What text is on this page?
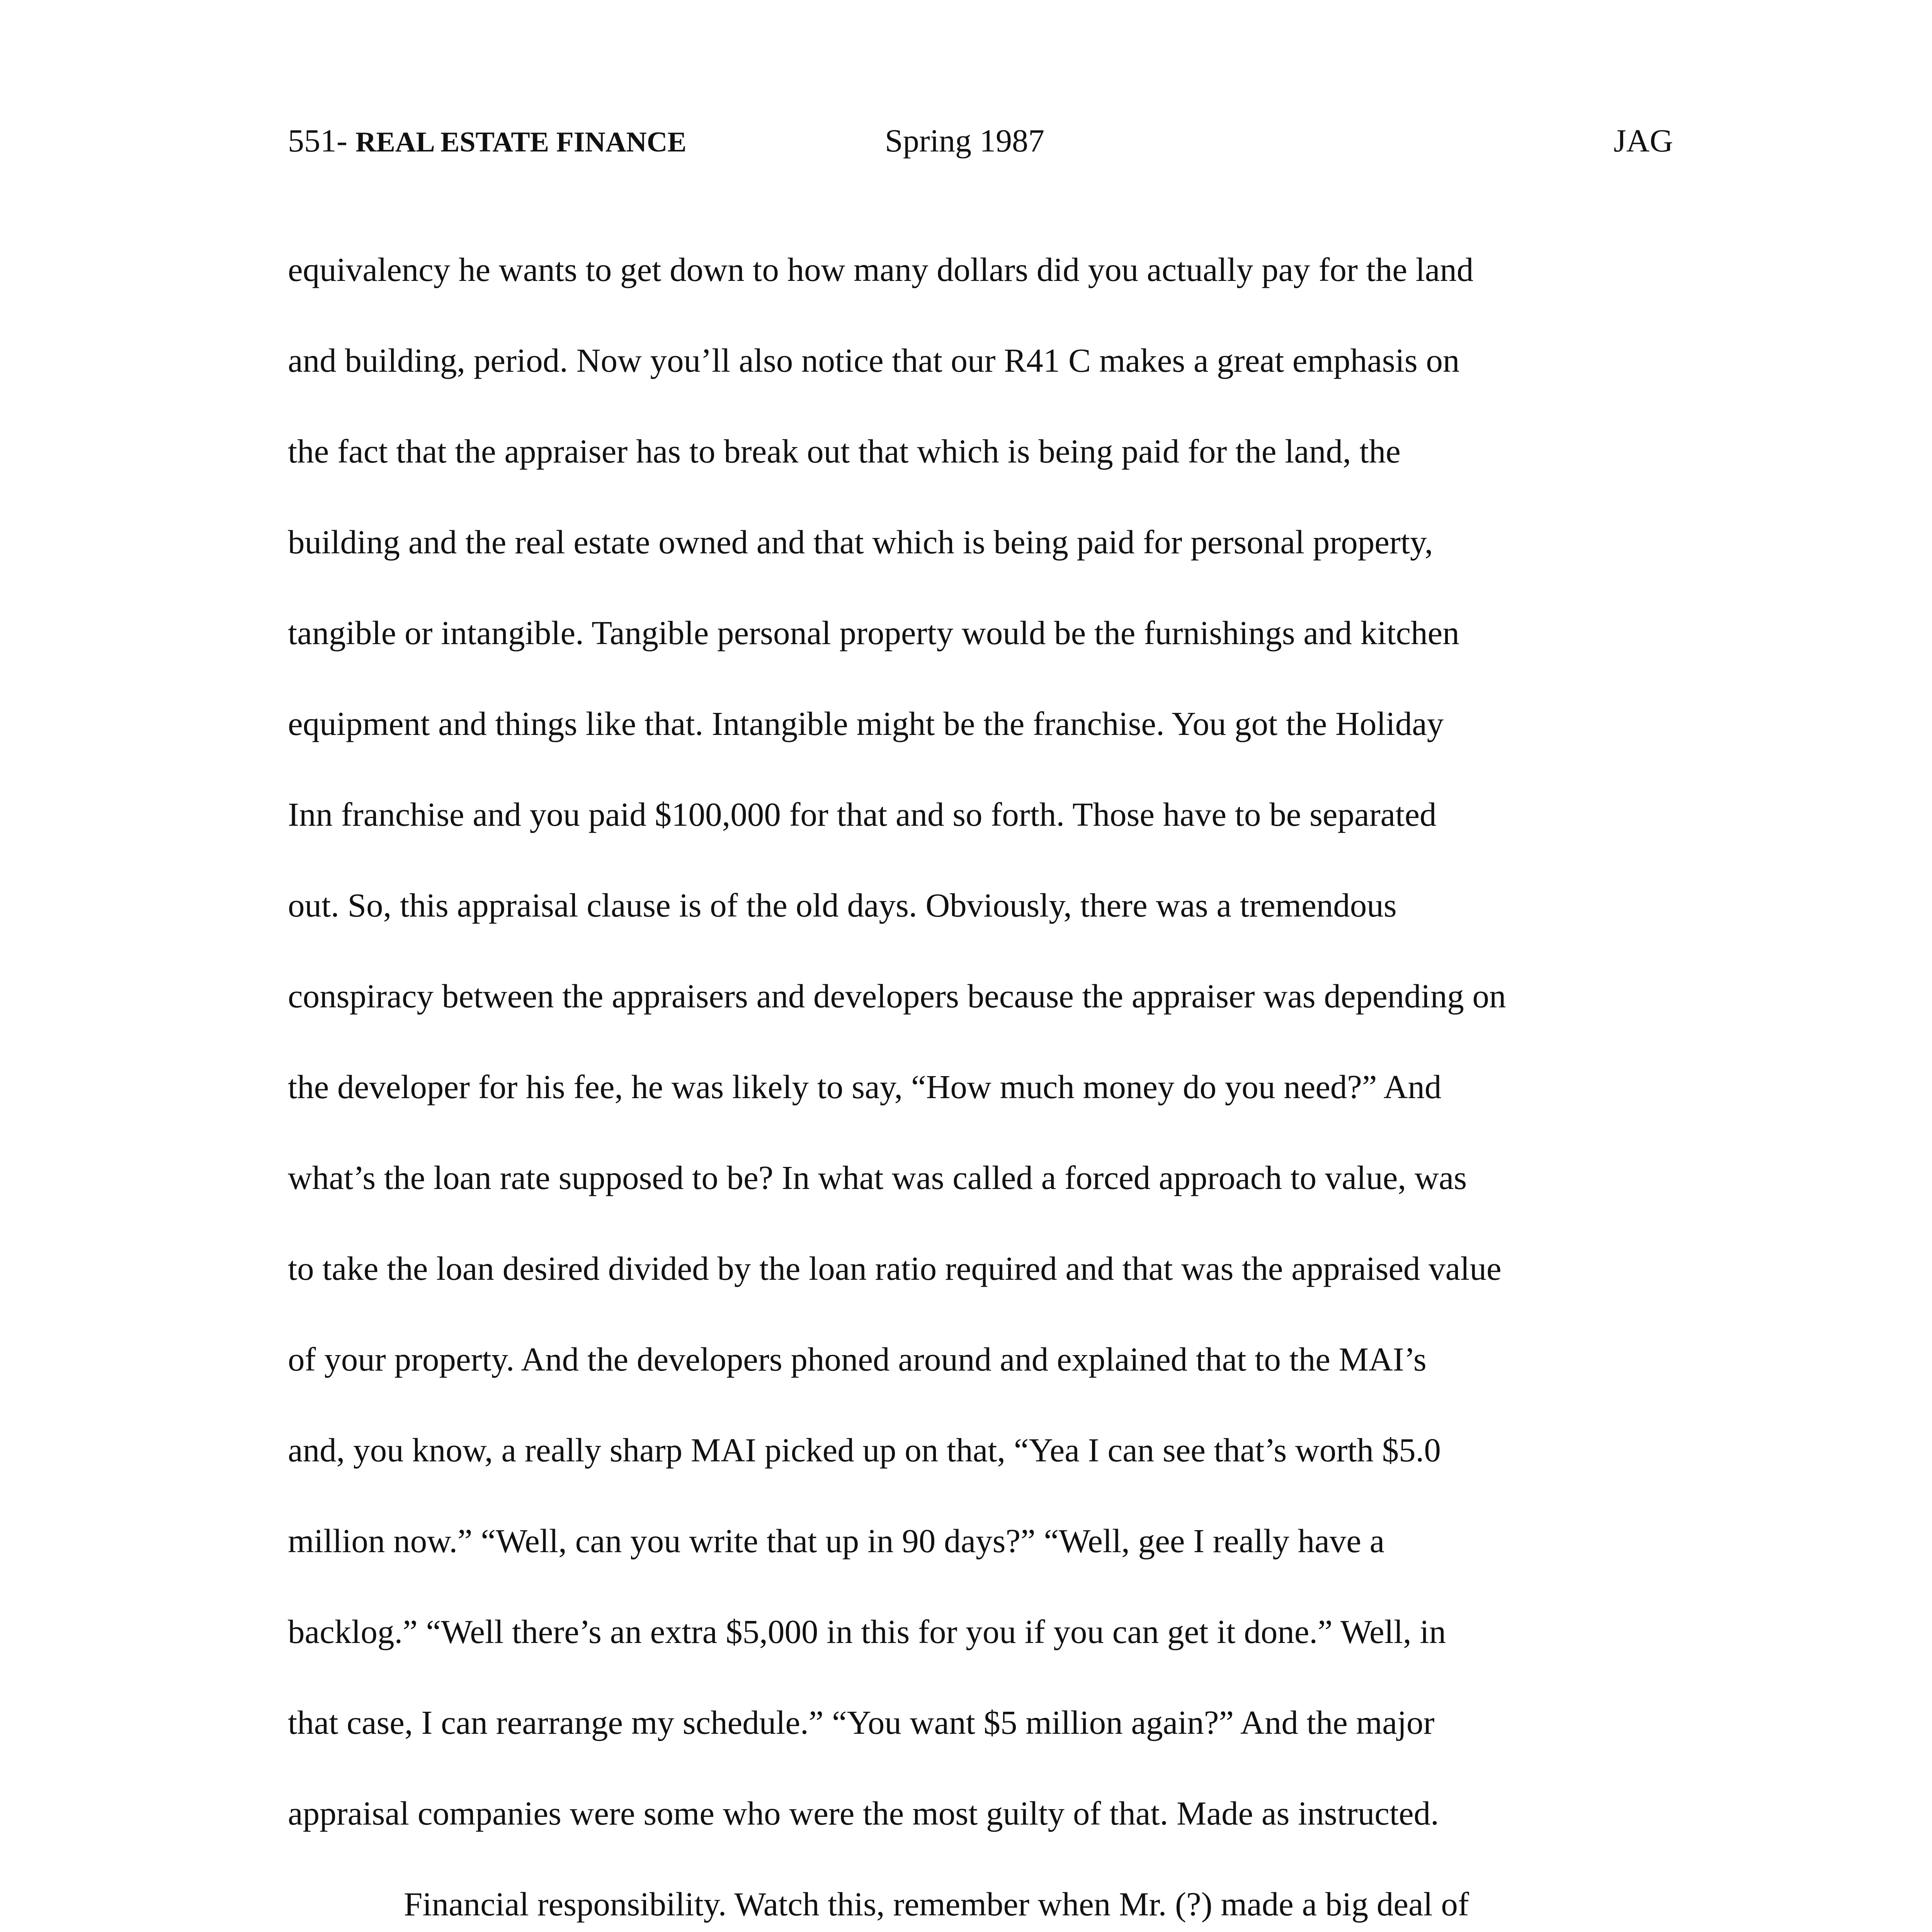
551- REAL ESTATE FINANCE	Spring 1987	JAG
equivalency he wants to get down to how many dollars did you actually pay for the land
and building, period. Now you’ll also notice that our R41 C makes a great emphasis on
the fact that the appraiser has to break out that which is being paid for the land, the
building and the real estate owned and that which is being paid for personal property,
tangible or intangible. Tangible personal property would be the furnishings and kitchen
equipment and things like that. Intangible might be the franchise. You got the Holiday
Inn franchise and you paid $100,000 for that and so forth. Those have to be separated
out. So, this appraisal clause is of the old days. Obviously, there was a tremendous
conspiracy between the appraisers and developers because the appraiser was depending on
the developer for his fee, he was likely to say, “How much money do you need?” And
what’s the loan rate supposed to be? In what was called a forced approach to value, was
to take the loan desired divided by the loan ratio required and that was the appraised value
of your property. And the developers phoned around and explained that to the MAI’s
and, you know, a really sharp MAI picked up on that, “Yea I can see that’s worth $5.0
million now.” “Well, can you write that up in 90 days?” “Well, gee I really have a
backlog.” “Well there’s an extra $5,000 in this for you if you can get it done.” Well, in
that case, I can rearrange my schedule.” “You want $5 million again?” And the major
appraisal companies were some who were the most guilty of that. Made as instructed.
Financial responsibility. Watch this, remember when Mr. (?) made a big deal of
